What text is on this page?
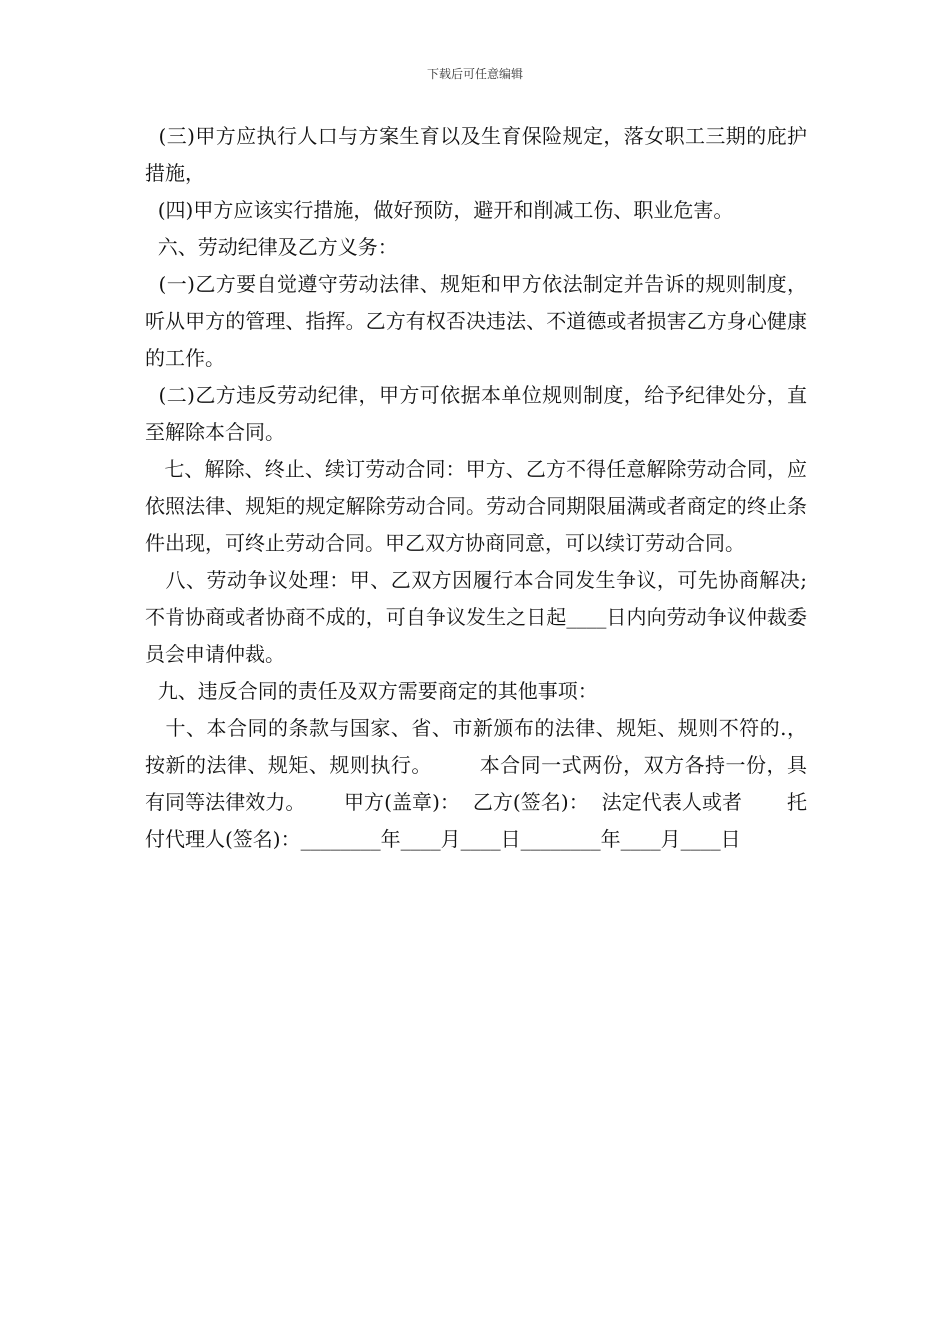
下载后可任意编辑

(三)甲方应执行人口与方案生育以及生育保险规定，落女职工三期的庇护措施，

(四)甲方应该实行措施，做好预防，避开和削减工伤、职业危害。

六、劳动纪律及乙方义务：

(一)乙方要自觉遵守劳动法律、规矩和甲方依法制定并告诉的规则制度，听从甲方的管理、指挥。乙方有权否决违法、不道德或者损害乙方身心健康的工作。

(二)乙方违反劳动纪律，甲方可依据本单位规则制度，给予纪律处分，直至解除本合同。

七、解除、终止、续订劳动合同：甲方、乙方不得任意解除劳动合同，应依照法律、规矩的规定解除劳动合同。劳动合同期限届满或者商定的终止条件出现，可终止劳动合同。甲乙双方协商同意，可以续订劳动合同。

八、劳动争议处理：甲、乙双方因履行本合同发生争议，可先协商解决;不肯协商或者协商不成的，可自争议发生之日起____日内向劳动争议仲裁委员会申请仲裁。

九、违反合同的责任及双方需要商定的其他事项：

十、本合同的条款与国家、省、市新颁布的法律、规矩、规则不符的.，按新的法律、规矩、规则执行。       本合同一式两份，双方各持一份，具有同等法律效力。      甲方(盖章)：  乙方(签名)：  法定代表人或者       托付代理人(签名)：________年____月____日________年____月____日
